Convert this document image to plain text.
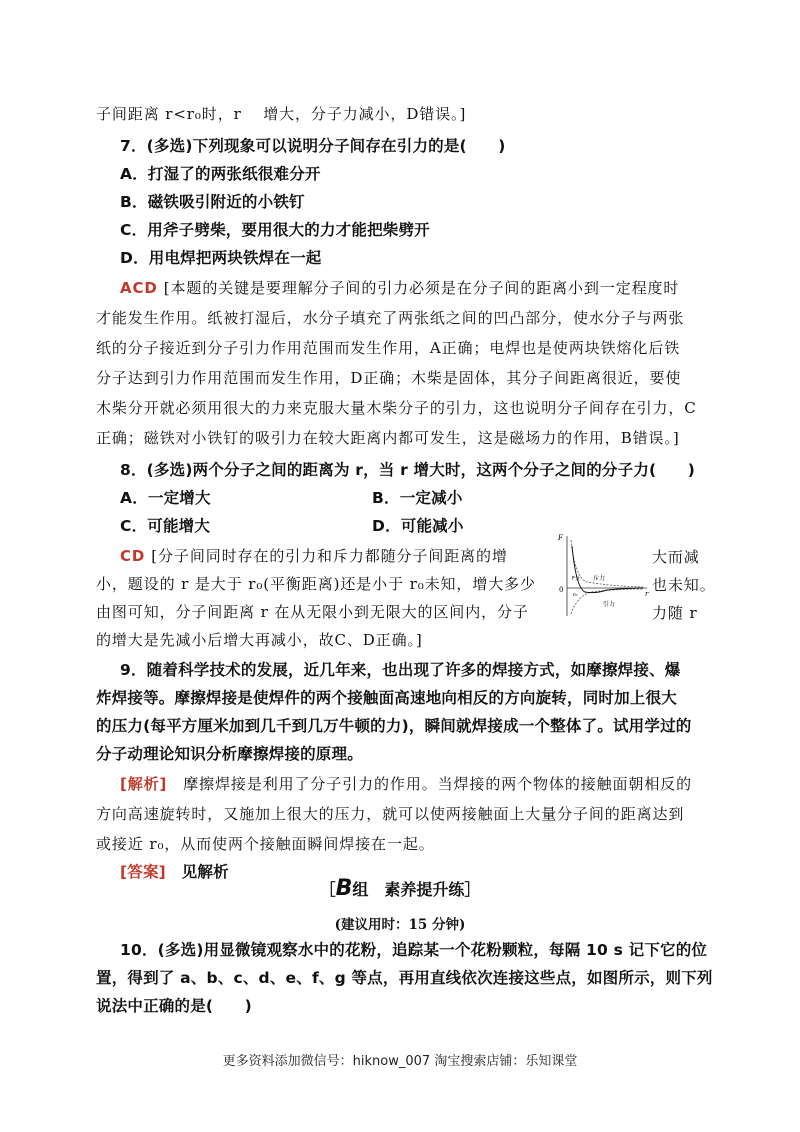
子间距离 r<r₀时，r　 增大，分子力减小，D错误。]
7．(多选)下列现象可以说明分子间存在引力的是(　　)
A．打湿了的两张纸很难分开
B．磁铁吸引附近的小铁钉
C．用斧子劈柴，要用很大的力才能把柴劈开
D．用电焊把两块铁焊在一起
ACD [本题的关键是要理解分子间的引力必须是在分子间的距离小到一定程度时
才能发生作用。纸被打湿后，水分子填充了两张纸之间的凹凸部分，使水分子与两张
纸的分子接近到分子引力作用范围而发生作用，A正确；电焊也是使两块铁熔化后铁
分子达到引力作用范围而发生作用，D正确；木柴是固体，其分子间距离很近，要使
木柴分开就必须用很大的力来克服大量木柴分子的引力，这也说明分子间存在引力，C
正确；磁铁对小铁钉的吸引力在较大距离内都可发生，这是磁场力的作用，B错误。]
8．(多选)两个分子之间的距离为 r，当 r 增大时，这两个分子之间的分子力(　　)
A．一定增大	B．一定减小
C．可能增大	D．可能减小
CD [分子间同时存在的引力和斥力都随分子间距离的增	大而减
小，题设的 r 是大于 r₀(平衡距离)还是小于 r₀未知，增大多少	也未知。
由图可知，分子间距离 r 在从无限小到无限大的区间内，分子	力随 r
的增大是先减小后增大再减小，故C、D正确。]
F
0	r
r₀
斥力
引力
F分
9．随着科学技术的发展，近几年来，也出现了许多的焊接方式，如摩擦焊接、爆
炸焊接等。摩擦焊接是使焊件的两个接触面高速地向相反的方向旋转，同时加上很大
的压力(每平方厘米加到几千到几万牛顿的力)，瞬间就焊接成一个整体了。试用学过的
分子动理论知识分析摩擦焊接的原理。
[解析]　摩擦焊接是利用了分子引力的作用。当焊接的两个物体的接触面朝相反的
方向高速旋转时，又施加上很大的压力，就可以使两接触面上大量分子间的距离达到
或接近 r₀，从而使两个接触面瞬间焊接在一起。
[答案]　见解析
［B组　素养提升练］
(建议用时：15 分钟)
10．(多选)用显微镜观察水中的花粉，追踪某一个花粉颗粒，每隔 10 s 记下它的位
置，得到了 a、b、c、d、e、f、g 等点，再用直线依次连接这些点，如图所示，则下列
说法中正确的是(　　)
更多资料添加微信号：hiknow_007 淘宝搜索店铺：乐知课堂
